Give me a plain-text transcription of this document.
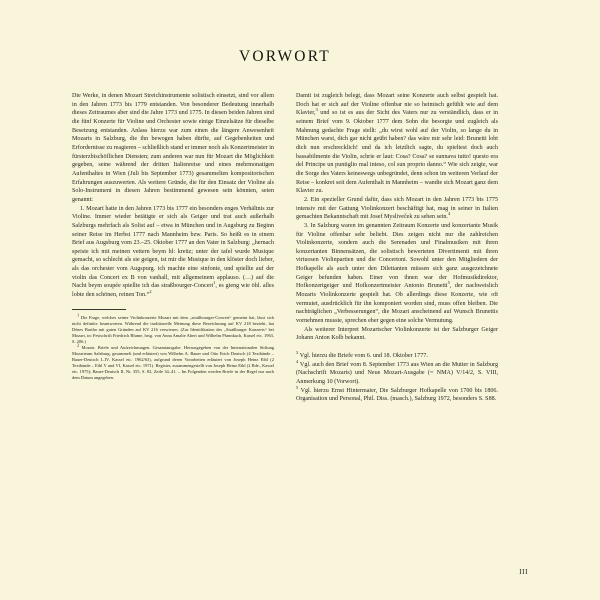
VORWORT

Die Werke, in denen Mozart Streichinstrumente solistisch einsetzt, sind vor allem in den Jahren 1773 bis 1779 entstanden. Von besonderer Bedeutung innerhalb dieses Zeitraumes aber sind die Jahre 1773 und 1775. In diesen beiden Jahren sind die fünf Konzerte für Violine und Orchester sowie einige Einzelsätze für dieselbe Besetzung entstanden. Anlass hierzu war zum einen die längere Anwesenheit Mozarts in Salzburg, die ihn bewogen haben dürfte, auf Gegebenheiten und Erfordernisse zu reagieren – schließlich stand er immer noch als Konzertmeister in fürsterzbischöflichen Diensten; zum anderen war nun für Mozart die Möglichkeit gegeben, seine während der dritten Italienreise und eines mehrmonatigen Aufenthaltes in Wien (Juli bis September 1773) gesammelten kompositorischen Erfahrungen auszuwerten. Als weitere Gründe, die für den Einsatz der Violine als Solo-Instrument in diesen Jahren bestimmend gewesen sein könnten, seien genannt:

1. Mozart hatte in den Jahren 1773 bis 1777 ein besonders enges Verhältnis zur Violine. Immer wieder betätigte er sich als Geiger und trat auch außerhalb Salzburgs mehrfach als Solist auf – etwa in München und in Augsburg zu Beginn seiner Reise im Herbst 1777 nach Mannheim bzw. Paris. So heißt es in einem Brief aus Augsburg vom 23.–25. Oktober 1777 an den Vater in Salzburg: „hernach speiste ich mit meinen vettern beym hl: kreüz; unter der tafel wurde Musique gemacht, so schlecht als sie geigen, ist mir die Musique in den klöster doch lieber, als das orchester vom Augspurg. ich machte eine sinfonie, und spiellte auf der violin das Concert ex B von vanhall, mit allgemeinem applauso. (…) auf die Nacht beym soupée spiellte ich das straßbourger-Concert$^1$, es gieng wie öhl. alles lobte den schönen, reinen Ton.“$^2$

$^1$ Die Frage, welches seiner Violinkonzerte Mozart mit dem „straßbourger-Concert“ gemeint hat, lässt sich nicht definitiv beantworten. Während die traditionelle Meinung diese Bezeichnung auf KV 218 bezieht, hat Dénes Bartha mit guten Gründen auf KV 216 verwiesen. (Zur Identifikation des „Straßburger Konzerts“ bei Mozart, in: Festschrift Friedrich Blume, hrsg. von Anna Amalie Abert und Wilhelm Pfannkuch, Kassel etc. 1963, S. 206.)

$^2$ Mozart. Briefe und Aufzeichnungen. Gesamtausgabe. Herausgegeben von der Internationalen Stiftung Mozarteum Salzburg, gesammelt (und erläutert) von Wilhelm A. Bauer und Otto Erich Deutsch (4 Textbände – Bauer-Deutsch I–IV, Kassel etc. 1962/63), aufgrund deren Vorarbeiten erläutert von Joseph Heinz Eibl (2 Textbände – Eibl V und VI, Kassel etc. 1971). Register, zusammengestellt von Joseph Heinz Eibl (2 Bde., Kassel etc. 1975); Bauer-Deutsch II, Nr. 355, S. 82, Zeile 34–41. – Im Folgenden werden Briefe in der Regel nur nach dem Datum angegeben.

Damit ist zugleich belegt, dass Mozart seine Konzerte auch selbst gespielt hat. Doch hat er sich auf der Violine offenbar nie so heimisch gefühlt wie auf dem Klavier,$^3$ und so ist es aus der Sicht des Vaters nur zu verständlich, dass er in seinem Brief vom 9. Oktober 1777 dem Sohn die besorgte und zugleich als Mahnung gedachte Frage stellt: „du wirst wohl auf der Violin, so lange du in München warst, dich gar nicht geübt haben? das wäre mir sehr leid: Brunetti lobt dich nun erschrecklich! und da ich letztlich sagte, du spieltest doch auch bassabilmente die Violin, schrie er laut: Cosa? Cosa? se sunnava tutto! questo era del Principe un puntiglio mal inteso, col sun proprio danno.“ Wie sich zeigte, war die Sorge des Vaters keineswegs unbegründet, denn schon im weiteren Verlauf der Reise – konkret seit dem Aufenthalt in Mannheim – wandte sich Mozart ganz dem Klavier zu.

2. Ein spezieller Grund dafür, dass sich Mozart in den Jahren 1773 bis 1775 intensiv mit der Gattung Violinkonzert beschäftigt hat, mag in seiner in Italien gemachten Bekanntschaft mit Josef Mysliveček zu sehen sein.$^4$

3. In Salzburg waren im genannten Zeitraum Konzerte und konzertante Musik für Violine offenbar sehr beliebt. Dies zeigen nicht nur die zahlreichen Violinkonzerte, sondern auch die Serenaden und Finalmusiken mit ihren konzertanten Binnensätzen, die solistisch bewerteten Divertimenti mit ihren virtuosen Violinpartien und die Concertoni. Sowohl unter den Mitgliedern der Hofkapelle als auch unter den Dilettanten müssen sich ganz ausgezeichnete Geiger befunden haben. Einer von ihnen war der Hofmusikdirektor, Hofkonzertgeiger und Hofkonzertmeister Antonio Brunetti$^5$, der nachweislich Mozarts Violinkonzerte gespielt hat. Ob allerdings diese Konzerte, wie oft vermutet, ausdrücklich für ihn komponiert worden sind, muss offen bleiben. Die nachträglichen „Verbesserungen“, die Mozart anscheinend auf Wunsch Brunettis vornehmen musste, sprechen eher gegen eine solche Vermutung.

Als weiterer Interpret Mozartscher Violinkonzerte ist der Salzburger Geiger Johann Anton Kolb bekannt.

$^3$ Vgl. hierzu die Briefe vom 6. und 18. Oktober 1777.

$^4$ Vgl. auch den Brief vom 8. September 1773 aus Wien an die Mutter in Salzburg (Nachschrift Mozarts) und Neue Mozart-Ausgabe (= NMA) V/14/2, S. VIII, Anmerkung 10 (Vorwort).

$^5$ Vgl. hierzu Ernst Hintermaier, Die Salzburger Hofkapelle von 1700 bis 1806. Organisation und Personal, Phil. Diss. (masch.), Salzburg 1972, besonders S. S88.

III
